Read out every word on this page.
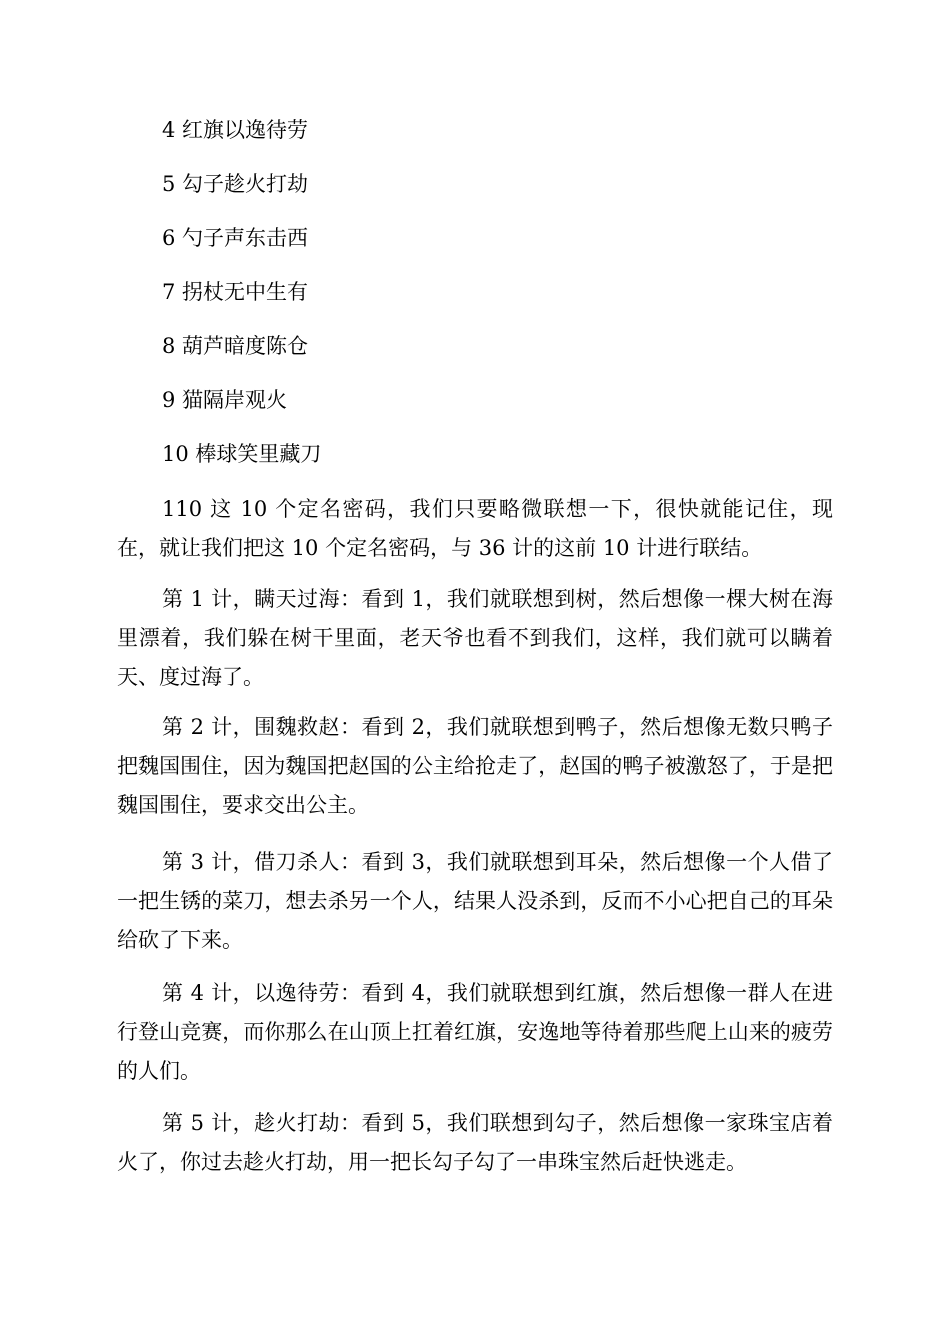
4 红旗以逸待劳
5 勾子趁火打劫
6 勺子声东击西
7 拐杖无中生有
8 葫芦暗度陈仓
9 猫隔岸观火
10 棒球笑里藏刀
110 这 10 个定名密码，我们只要略微联想一下，很快就能记住，现在，就让我们把这 10 个定名密码，与 36 计的这前 10 计进行联结。
第 1 计，瞒天过海：看到 1，我们就联想到树，然后想像一棵大树在海里漂着，我们躲在树干里面，老天爷也看不到我们，这样，我们就可以瞒着天、度过海了。
第 2 计，围魏救赵：看到 2，我们就联想到鸭子，然后想像无数只鸭子把魏国围住，因为魏国把赵国的公主给抢走了，赵国的鸭子被激怒了，于是把魏国围住，要求交出公主。
第 3 计，借刀杀人：看到 3，我们就联想到耳朵，然后想像一个人借了一把生锈的菜刀，想去杀另一个人，结果人没杀到，反而不小心把自己的耳朵给砍了下来。
第 4 计，以逸待劳：看到 4，我们就联想到红旗，然后想像一群人在进行登山竞赛，而你那么在山顶上扛着红旗，安逸地等待着那些爬上山来的疲劳的人们。
第 5 计，趁火打劫：看到 5，我们联想到勾子，然后想像一家珠宝店着火了，你过去趁火打劫，用一把长勾子勾了一串珠宝然后赶快逃走。
